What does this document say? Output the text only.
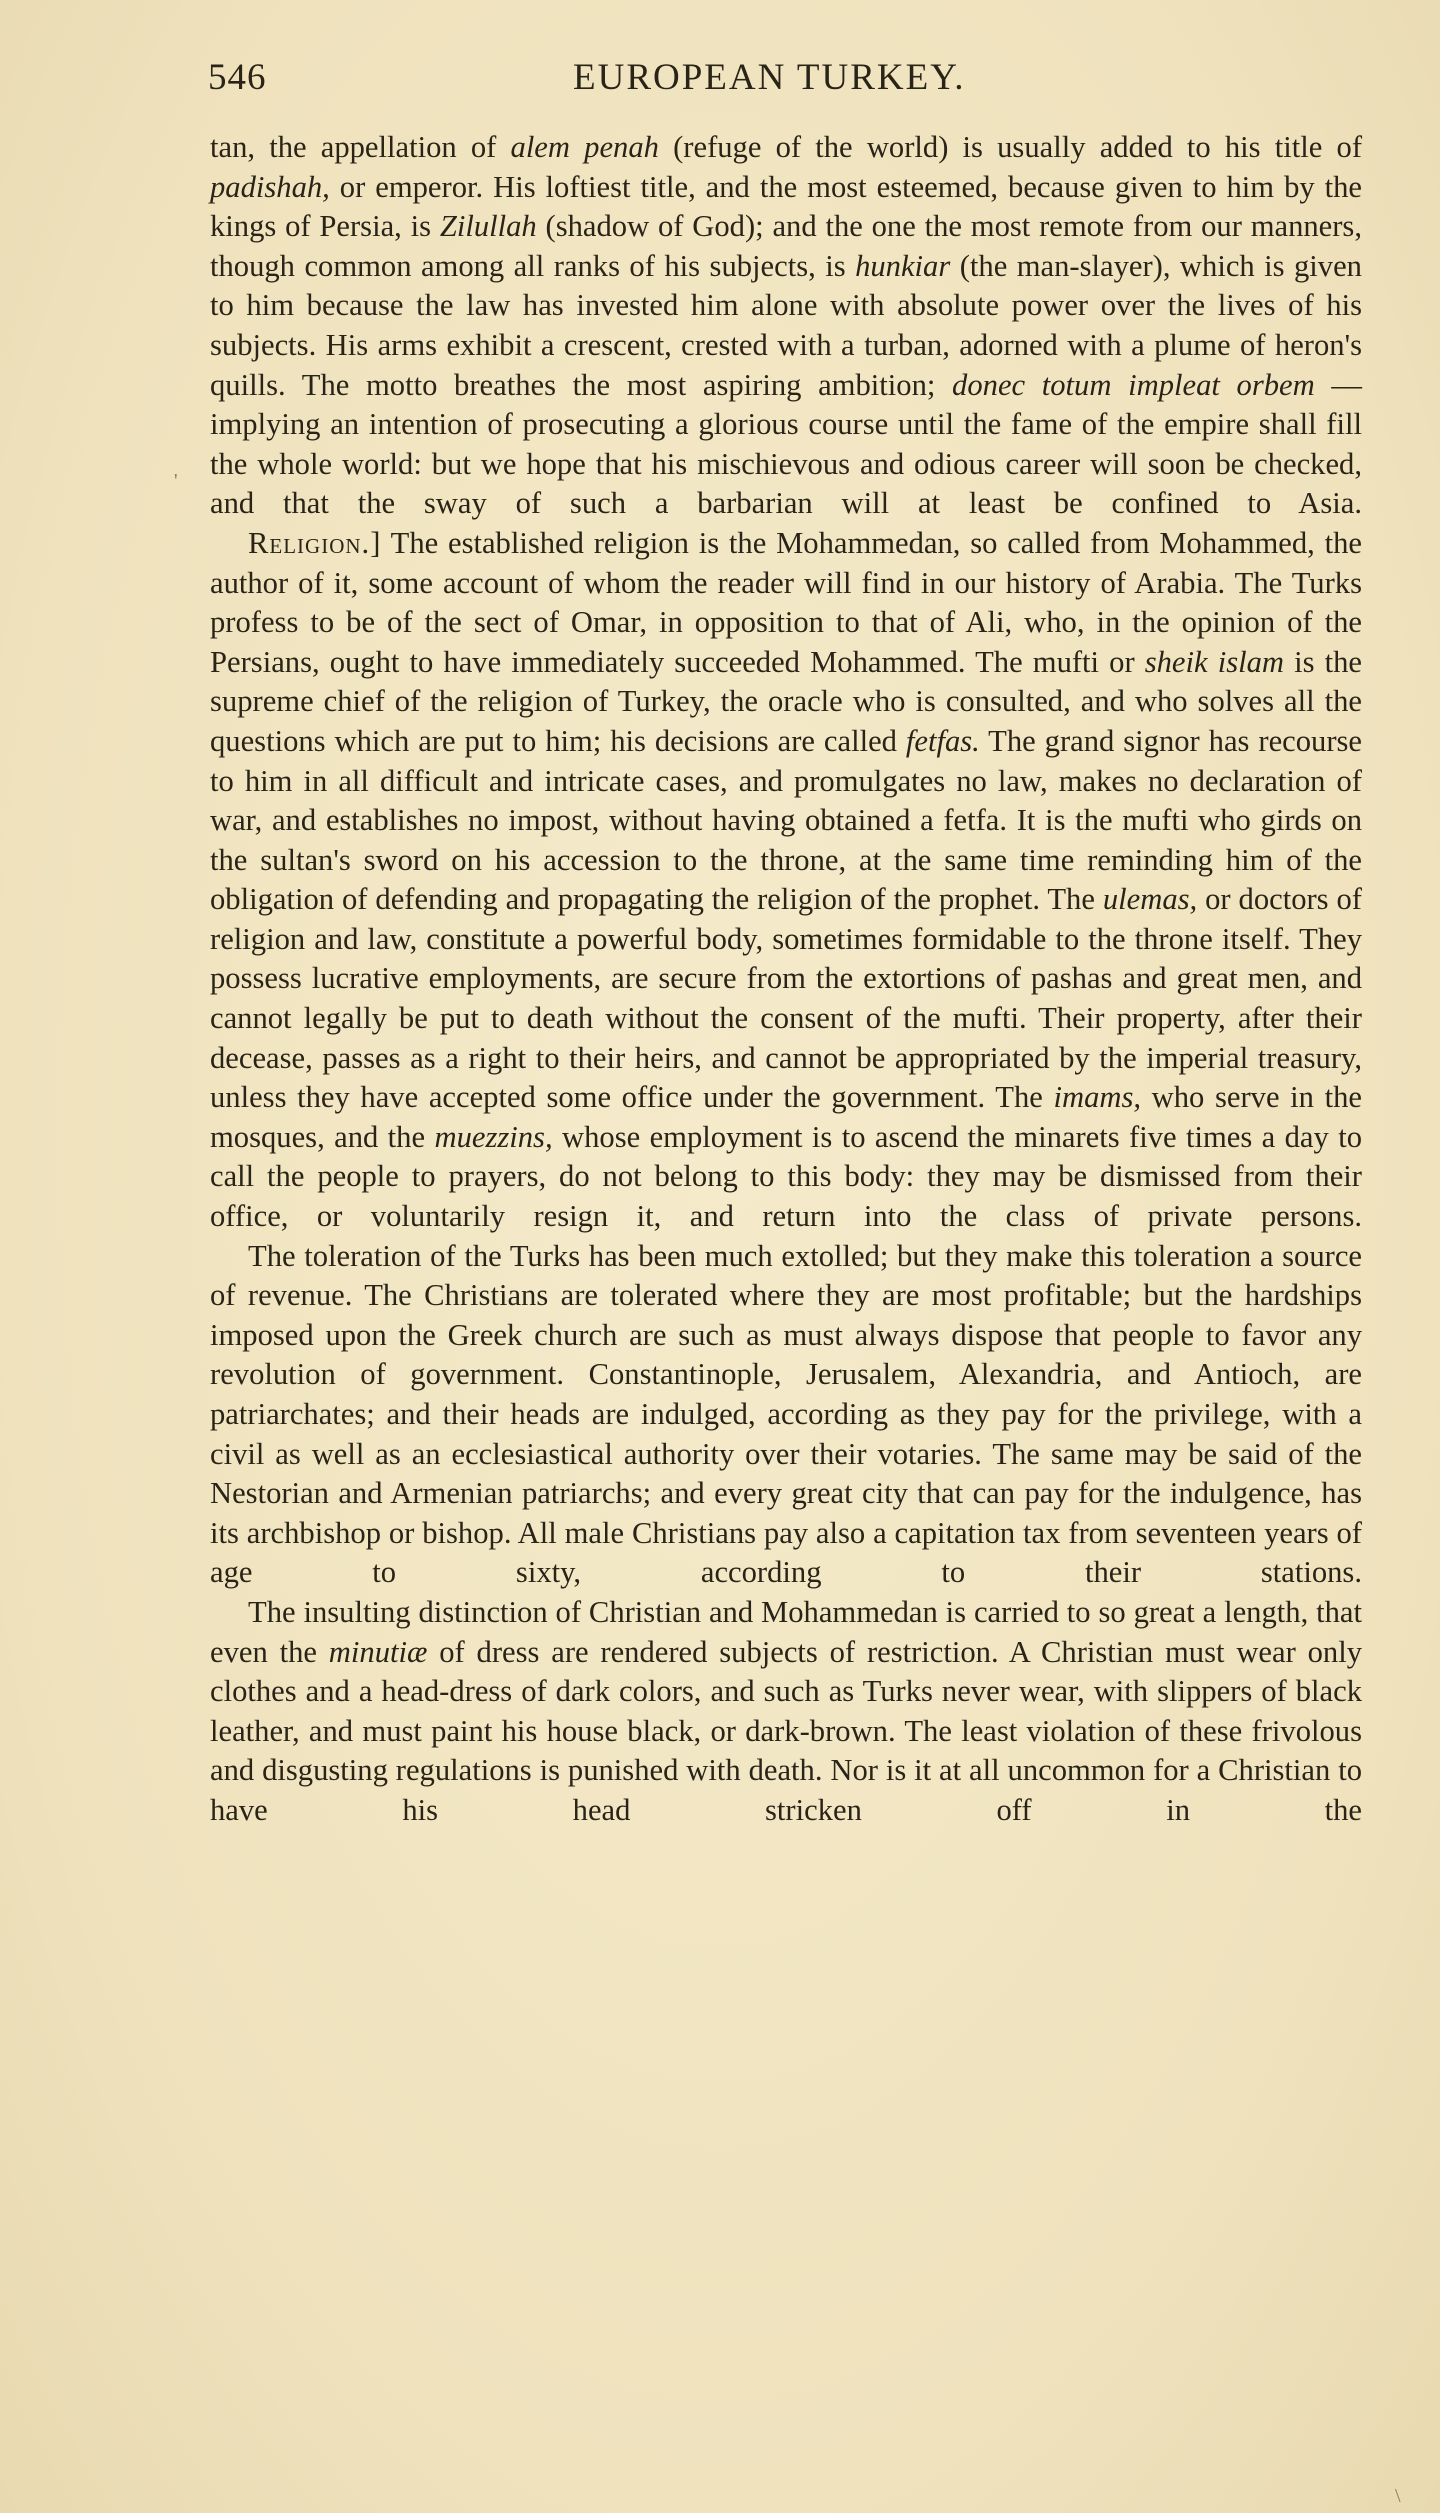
546	EUROPEAN TURKEY.

tan, the appellation of alem penah (refuge of the world) is usually added to his title of padishah, or emperor. His loftiest title, and the most esteemed, because given to him by the kings of Persia, is Zilullah (shadow of God); and the one the most remote from our manners, though common among all ranks of his subjects, is hunkiar (the man-slayer), which is given to him because the law has invested him alone with absolute power over the lives of his subjects. His arms exhibit a crescent, crested with a turban, adorned with a plume of heron's quills. The motto breathes the most aspiring ambition; donec totum impleat orbem —implying an intention of prosecuting a glorious course until the fame of the empire shall fill the whole world: but we hope that his mischievous and odious career will soon be checked, and that the sway of such a barbarian will at least be confined to Asia.

Religion.] The established religion is the Mohammedan, so called from Mohammed, the author of it, some account of whom the reader will find in our history of Arabia. The Turks profess to be of the sect of Omar, in opposition to that of Ali, who, in the opinion of the Persians, ought to have immediately succeeded Mohammed. The mufti or sheik islam is the supreme chief of the religion of Turkey, the oracle who is consulted, and who solves all the questions which are put to him; his decisions are called fetfas. The grand signor has recourse to him in all difficult and intricate cases, and promulgates no law, makes no declaration of war, and establishes no impost, without having obtained a fetfa. It is the mufti who girds on the sultan's sword on his accession to the throne, at the same time reminding him of the obligation of defending and propagating the religion of the prophet. The ulemas, or doctors of religion and law, constitute a powerful body, sometimes formidable to the throne itself. They possess lucrative employments, are secure from the extortions of pashas and great men, and cannot legally be put to death without the consent of the mufti. Their property, after their decease, passes as a right to their heirs, and cannot be appropriated by the imperial treasury, unless they have accepted some office under the government. The imams, who serve in the mosques, and the muezzins, whose employment is to ascend the minarets five times a day to call the people to prayers, do not belong to this body: they may be dismissed from their office, or voluntarily resign it, and return into the class of private persons.

The toleration of the Turks has been much extolled; but they make this toleration a source of revenue. The Christians are tolerated where they are most profitable; but the hardships imposed upon the Greek church are such as must always dispose that people to favor any revolution of government. Constantinople, Jerusalem, Alexandria, and Antioch, are patriarchates; and their heads are indulged, according as they pay for the privilege, with a civil as well as an ecclesiastical authority over their votaries. The same may be said of the Nestorian and Armenian patriarchs; and every great city that can pay for the indulgence, has its archbishop or bishop. All male Christians pay also a capitation tax from seventeen years of age to sixty, according to their stations.

The insulting distinction of Christian and Mohammedan is carried to so great a length, that even the minutiæ of dress are rendered subjects of restriction. A Christian must wear only clothes and a head-dress of dark colors, and such as Turks never wear, with slippers of black leather, and must paint his house black, or dark-brown. The least violation of these frivolous and disgusting regulations is punished with death. Nor is it at all uncommon for a Christian to have his head stricken off in the

'
\
